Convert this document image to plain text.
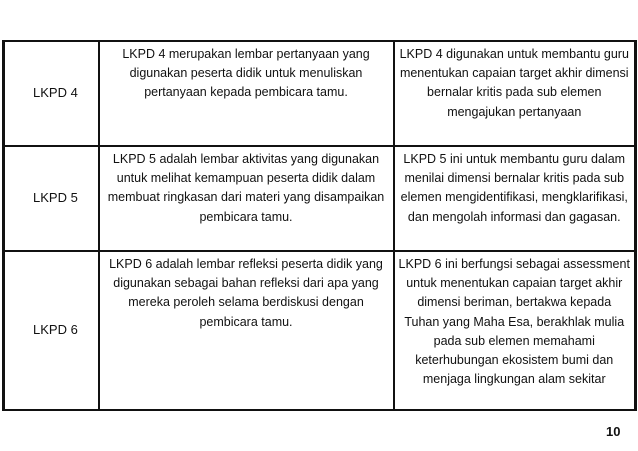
LKPD 4	LKPD 4 merupakan lembar pertanyaan yang digunakan peserta didik untuk menuliskan pertanyaan kepada pembicara tamu.	LKPD 4 digunakan untuk membantu guru menentukan capaian target akhir dimensi bernalar kritis pada sub elemen mengajukan pertanyaan
LKPD 5	LKPD 5 adalah lembar aktivitas yang digunakan untuk melihat kemampuan peserta didik dalam membuat ringkasan dari materi yang disampaikan pembicara tamu.	LKPD 5 ini untuk membantu guru dalam menilai dimensi bernalar kritis pada sub elemen mengidentifikasi, mengklarifikasi, dan mengolah informasi dan gagasan.
LKPD 6	LKPD 6 adalah lembar refleksi peserta didik yang digunakan sebagai bahan refleksi dari apa yang mereka peroleh selama berdiskusi dengan pembicara tamu.	LKPD 6 ini berfungsi sebagai assessment untuk menentukan capaian target akhir dimensi beriman, bertakwa kepada Tuhan yang Maha Esa, berakhlak mulia pada sub elemen memahami keterhubungan ekosistem bumi dan menjaga lingkungan alam sekitar
10
